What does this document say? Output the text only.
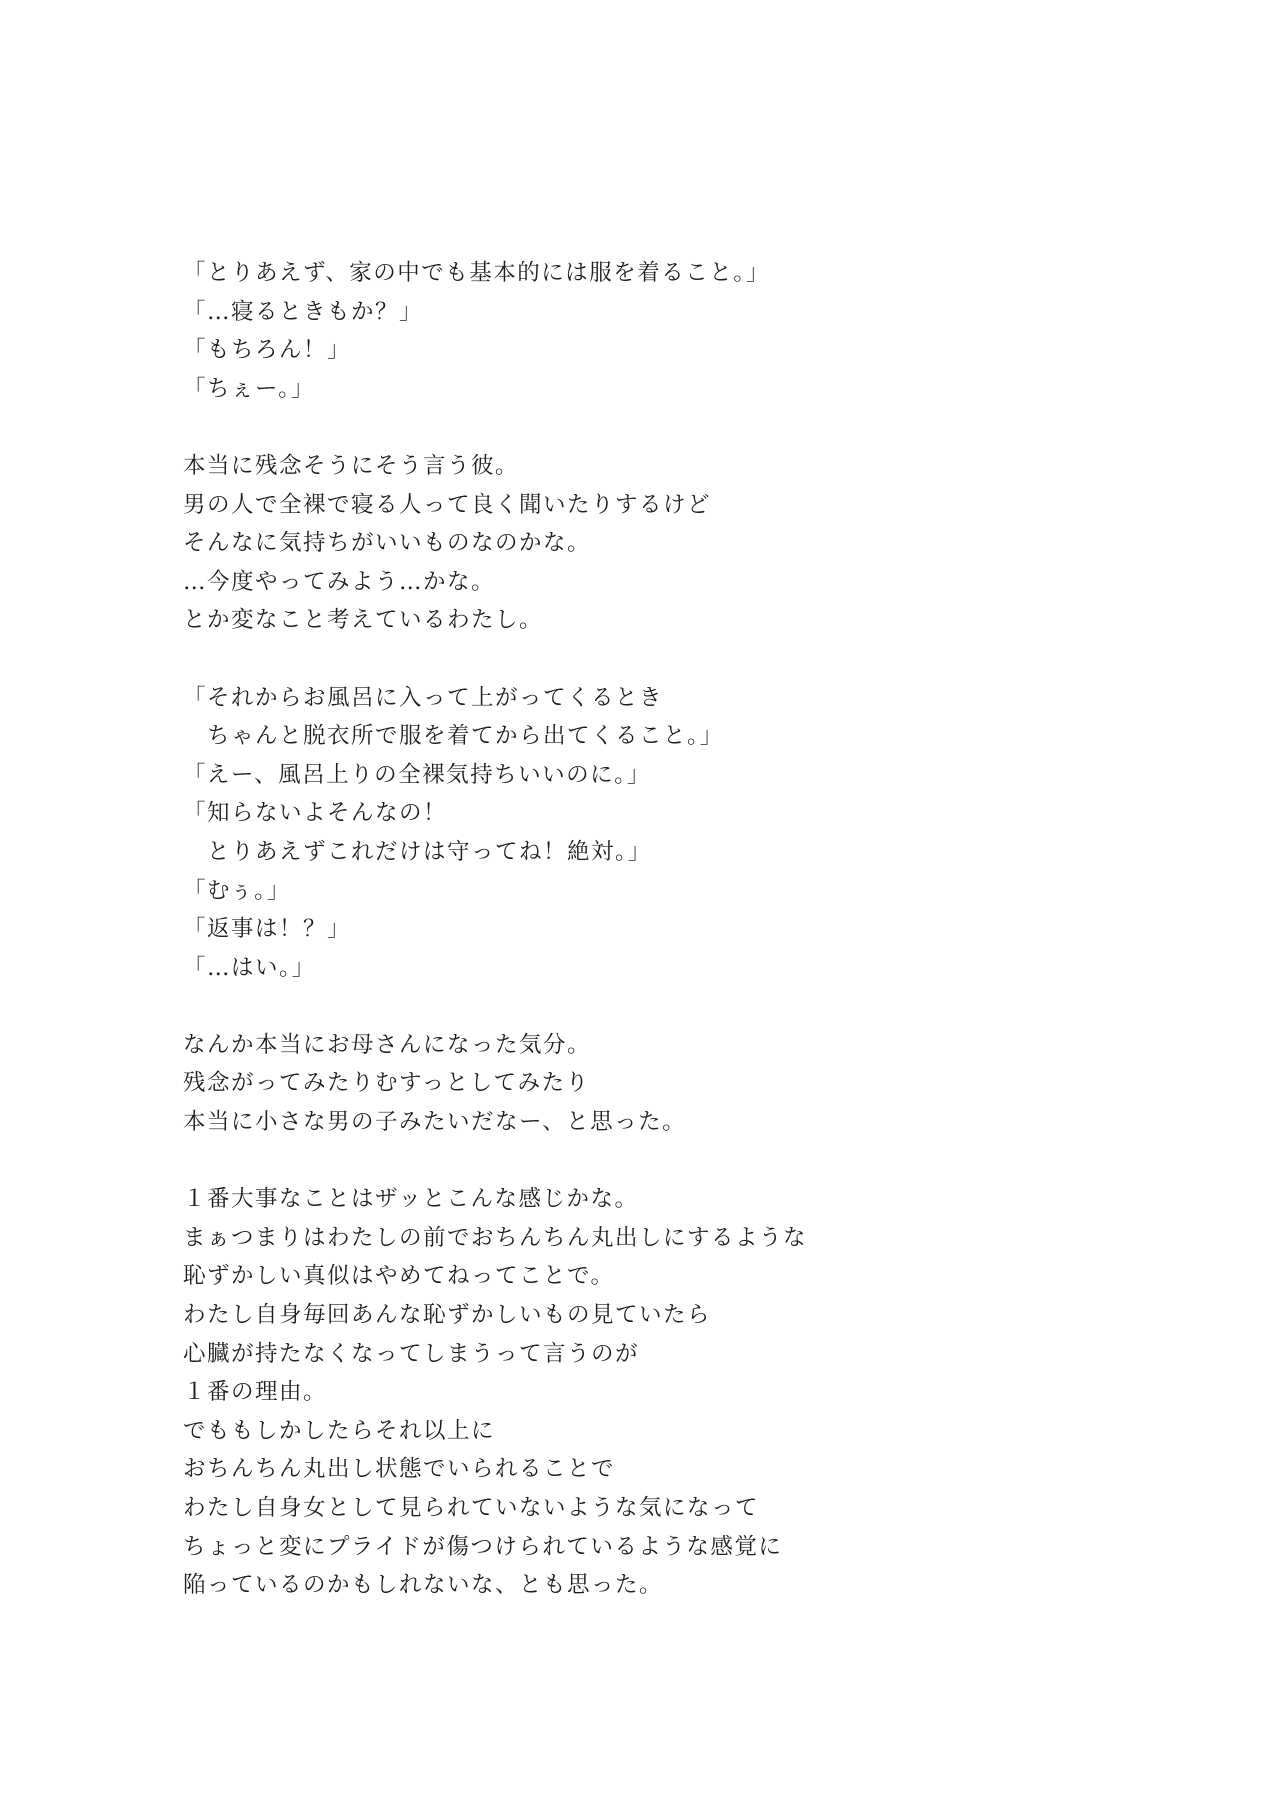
「とりあえず、家の中でも基本的には服を着ること。」
「…寝るときもか？」
「もちろん！」
「ちぇー。」
本当に残念そうにそう言う彼。
男の人で全裸で寝る人って良く聞いたりするけど
そんなに気持ちがいいものなのかな。
…今度やってみよう…かな。
とか変なこと考えているわたし。
「それからお風呂に入って上がってくるとき
　ちゃんと脱衣所で服を着てから出てくること。」
「えー、風呂上りの全裸気持ちいいのに。」
「知らないよそんなの！
　とりあえずこれだけは守ってね！絶対。」
「むぅ。」
「返事は！？」
「…はい。」
なんか本当にお母さんになった気分。
残念がってみたりむすっとしてみたり
本当に小さな男の子みたいだなー、と思った。
１番大事なことはザッとこんな感じかな。
まぁつまりはわたしの前でおちんちん丸出しにするような
恥ずかしい真似はやめてねってことで。
わたし自身毎回あんな恥ずかしいもの見ていたら
心臓が持たなくなってしまうって言うのが
１番の理由。
でももしかしたらそれ以上に
おちんちん丸出し状態でいられることで
わたし自身女として見られていないような気になって
ちょっと変にプライドが傷つけられているような感覚に
陥っているのかもしれないな、とも思った。
